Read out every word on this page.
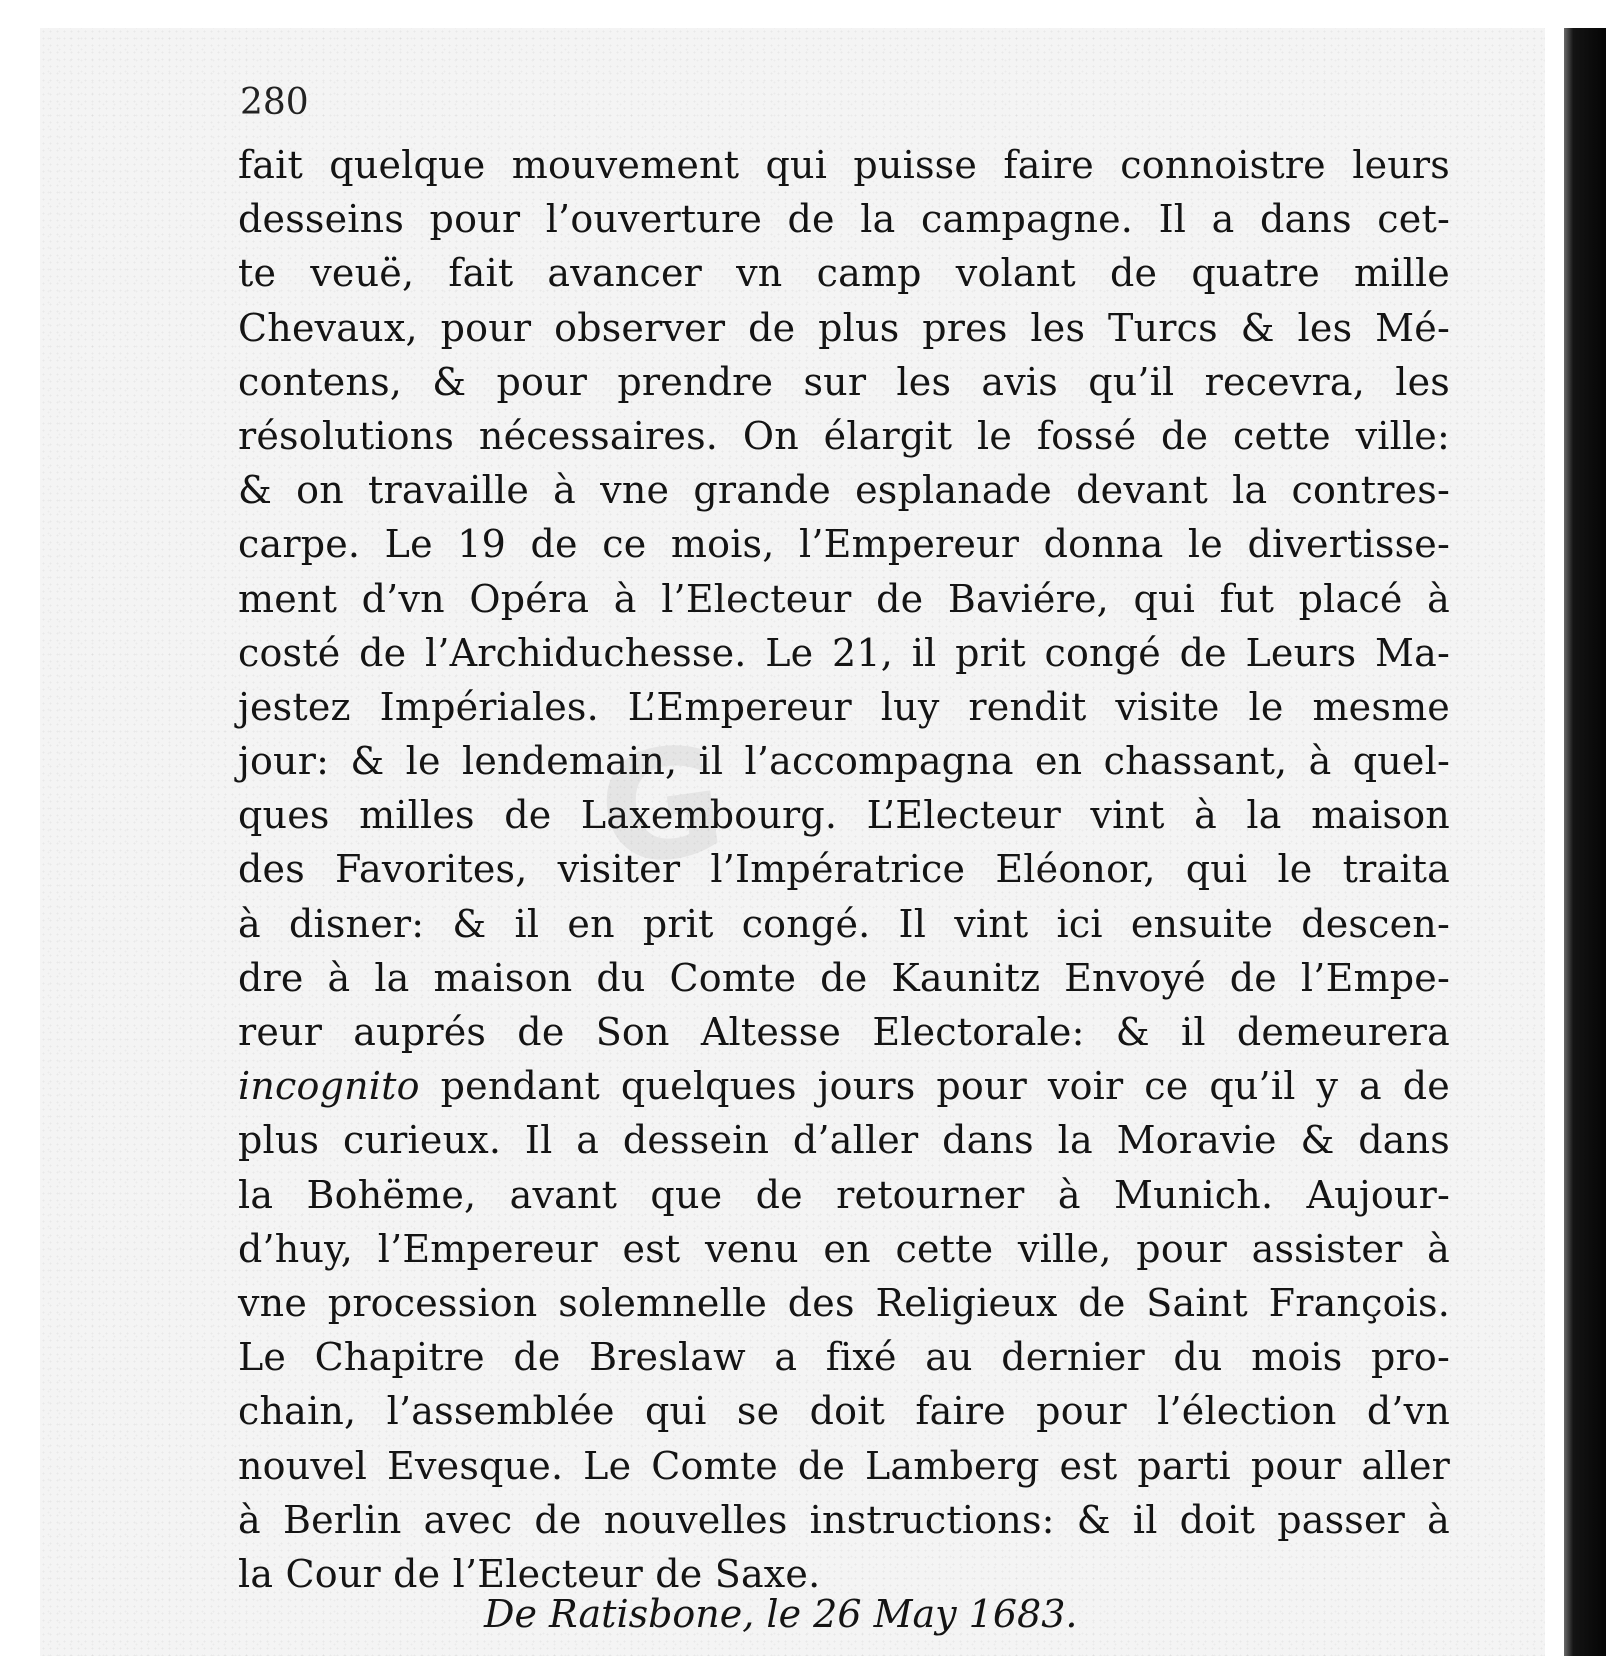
280
fait quelque mouvement qui puisse faire connoistre leurs
desseins pour l’ouverture de la campagne. Il a dans cet-
te veuë, fait avancer vn camp volant de quatre mille
Chevaux, pour observer de plus pres les Turcs & les Mé-
contens, & pour prendre sur les avis qu’il recevra, les
résolutions nécessaires. On élargit le fossé de cette ville:
& on travaille à vne grande esplanade devant la contres-
carpe. Le 19 de ce mois, l’Empereur donna le divertisse-
ment d’vn Opéra à l’Electeur de Baviére, qui fut placé à
costé de l’Archiduchesse. Le 21, il prit congé de Leurs Ma-
jestez Impériales. L’Empereur luy rendit visite le mesme
jour: & le lendemain, il l’accompagna en chassant, à quel-
ques milles de Laxembourg. L’Electeur vint à la maison
des Favorites, visiter l’Impératrice Eléonor, qui le traita
à disner: & il en prit congé. Il vint ici ensuite descen-
dre à la maison du Comte de Kaunitz Envoyé de l’Empe-
reur auprés de Son Altesse Electorale: & il demeurera
incognito pendant quelques jours pour voir ce qu’il y a de
plus curieux. Il a dessein d’aller dans la Moravie & dans
la Bohëme, avant que de retourner à Munich. Aujour-
d’huy, l’Empereur est venu en cette ville, pour assister à
vne procession solemnelle des Religieux de Saint François.
Le Chapitre de Breslaw a fixé au dernier du mois pro-
chain, l’assemblée qui se doit faire pour l’élection d’vn
nouvel Evesque. Le Comte de Lamberg est parti pour aller
à Berlin avec de nouvelles instructions: & il doit passer à
la Cour de l’Electeur de Saxe.

De Ratisbone, le 26 May 1683.
